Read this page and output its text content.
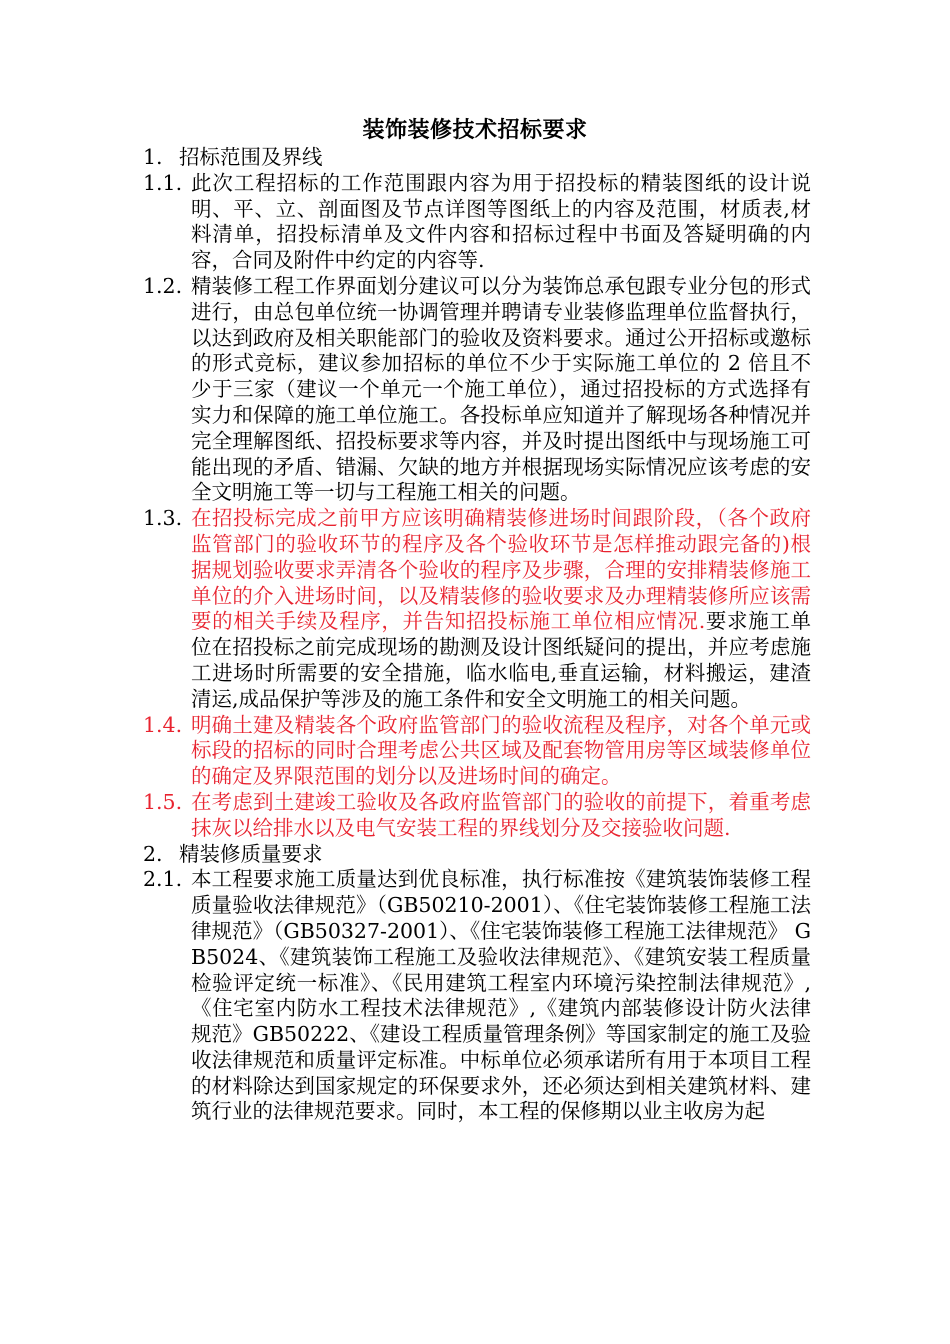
装饰装修技术招标要求
1. 招标范围及界线
1.1. 此次工程招标的工作范围跟内容为用于招投标的精装图纸的设计说明、平、立、剖面图及节点详图等图纸上的内容及范围，材质表,材料清单，招投标清单及文件内容和招标过程中书面及答疑明确的内容，合同及附件中约定的内容等.
1.2. 精装修工程工作界面划分建议可以分为装饰总承包跟专业分包的形式进行，由总包单位统一协调管理并聘请专业装修监理单位监督执行，以达到政府及相关职能部门的验收及资料要求。通过公开招标或邀标的形式竞标，建议参加招标的单位不少于实际施工单位的 2 倍且不少于三家（建议一个单元一个施工单位），通过招投标的方式选择有实力和保障的施工单位施工。各投标单应知道并了解现场各种情况并完全理解图纸、招投标要求等内容，并及时提出图纸中与现场施工可能出现的矛盾、错漏、欠缺的地方并根据现场实际情况应该考虑的安全文明施工等一切与工程施工相关的问题。
1.3. 在招投标完成之前甲方应该明确精装修进场时间跟阶段，（各个政府监管部门的验收环节的程序及各个验收环节是怎样推动跟完备的)根据规划验收要求弄清各个验收的程序及步骤，合理的安排精装修施工单位的介入进场时间，以及精装修的验收要求及办理精装修所应该需要的相关手续及程序，并告知招投标施工单位相应情况.要求施工单位在招投标之前完成现场的勘测及设计图纸疑问的提出，并应考虑施工进场时所需要的安全措施，临水临电,垂直运输，材料搬运，建渣清运,成品保护等涉及的施工条件和安全文明施工的相关问题。
1.4. 明确土建及精装各个政府监管部门的验收流程及程序，对各个单元或标段的招标的同时合理考虑公共区域及配套物管用房等区域装修单位的确定及界限范围的划分以及进场时间的确定。
1.5. 在考虑到土建竣工验收及各政府监管部门的验收的前提下，着重考虑抹灰以给排水以及电气安装工程的界线划分及交接验收问题.
2. 精装修质量要求
2.1. 本工程要求施工质量达到优良标准，执行标准按《建筑装饰装修工程质量验收法律规范》（GB50210-2001）、《住宅装饰装修工程施工法律规范》（GB50327-2001）、《住宅装饰装修工程施工法律规范》 GB5024、《建筑装饰工程施工及验收法律规范》、《建筑安装工程质量检验评定统一标准》、《民用建筑工程室内环境污染控制法律规范》,《住宅室内防水工程技术法律规范》,《建筑内部装修设计防火法律规范》GB50222、《建设工程质量管理条例》等国家制定的施工及验收法律规范和质量评定标准。中标单位必须承诺所有用于本项目工程的材料除达到国家规定的环保要求外，还必须达到相关建筑材料、建筑行业的法律规范要求。同时，本工程的保修期以业主收房为起
